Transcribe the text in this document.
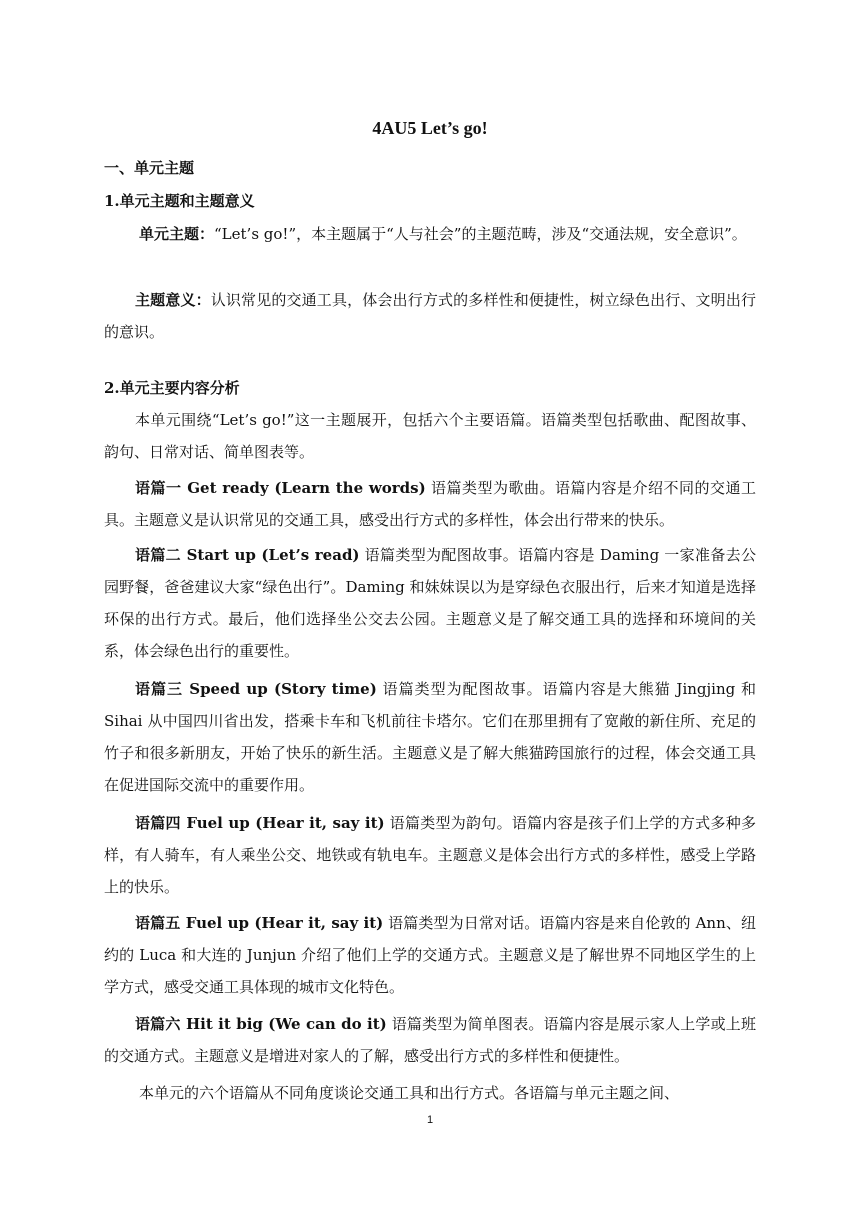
4AU5 Let’s go!
一、单元主题
1.单元主题和主题意义

单元主题：“Let’s go!”，本主题属于“人与社会”的主题范畴，涉及“交通法规，安全意识”。

主题意义：认识常见的交通工具，体会出行方式的多样性和便捷性，树立绿色出行、文明出行的意识。

2.单元主要内容分析

本单元围绕“Let’s go!”这一主题展开，包括六个主要语篇。语篇类型包括歌曲、配图故事、韵句、日常对话、简单图表等。

语篇一 Get ready (Learn the words) 语篇类型为歌曲。语篇内容是介绍不同的交通工具。主题意义是认识常见的交通工具，感受出行方式的多样性，体会出行带来的快乐。

语篇二 Start up (Let’s read) 语篇类型为配图故事。语篇内容是 Daming 一家准备去公园野餐，爸爸建议大家“绿色出行”。Daming 和妹妹误以为是穿绿色衣服出行，后来才知道是选择环保的出行方式。最后，他们选择坐公交去公园。主题意义是了解交通工具的选择和环境间的关系，体会绿色出行的重要性。

语篇三 Speed up (Story time) 语篇类型为配图故事。语篇内容是大熊猫 Jingjing 和 Sihai 从中国四川省出发，搭乘卡车和飞机前往卡塔尔。它们在那里拥有了宽敞的新住所、充足的竹子和很多新朋友，开始了快乐的新生活。主题意义是了解大熊猫跨国旅行的过程，体会交通工具在促进国际交流中的重要作用。

语篇四 Fuel up (Hear it, say it) 语篇类型为韵句。语篇内容是孩子们上学的方式多种多样，有人骑车，有人乘坐公交、地铁或有轨电车。主题意义是体会出行方式的多样性，感受上学路上的快乐。

语篇五 Fuel up (Hear it, say it) 语篇类型为日常对话。语篇内容是来自伦敦的 Ann、纽约的 Luca 和大连的 Junjun 介绍了他们上学的交通方式。主题意义是了解世界不同地区学生的上学方式，感受交通工具体现的城市文化特色。

语篇六 Hit it big (We can do it) 语篇类型为简单图表。语篇内容是展示家人上学或上班的交通方式。主题意义是增进对家人的了解，感受出行方式的多样性和便捷性。

本单元的六个语篇从不同角度谈论交通工具和出行方式。各语篇与单元主题之间、

1
